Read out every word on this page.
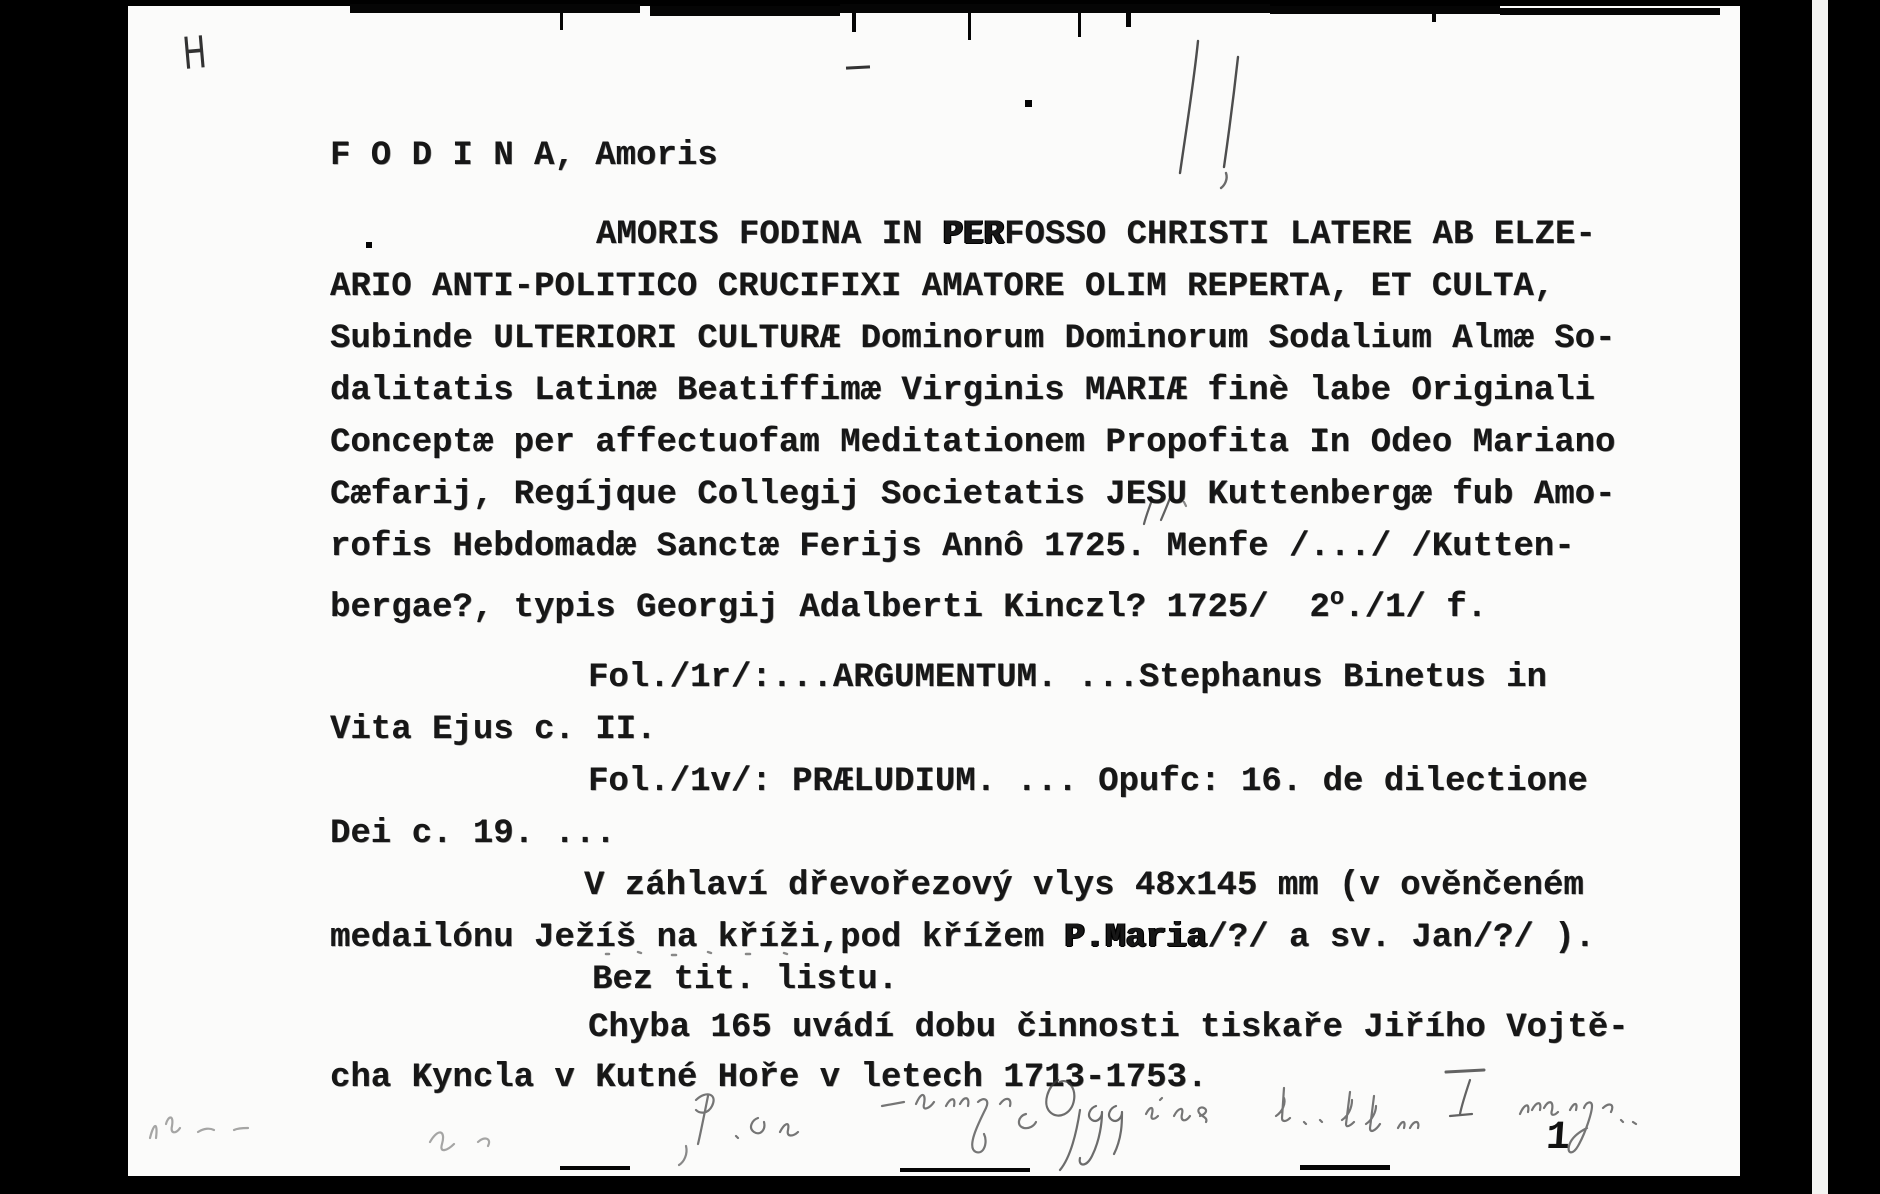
H
F O D I N A, Amoris
AMORIS FODINA IN PERFOSSO CHRISTI LATERE AB ELZE-
ARIO ANTI-POLITICO CRUCIFIXI AMATORE OLIM REPERTA, ET CULTA,
Subinde ULTERIORI CULTURÆ Dominorum Dominorum Sodalium Almæ So-
dalitatis Latinæ Beatiffimæ Virginis MARIÆ finè labe Originali
Conceptæ per affectuofam Meditationem Propofita In Odeo Mariano
Cæfarij, Regíjque Collegij Societatis JESU Kuttenbergæ fub Amo-
rofis Hebdomadæ Sanctæ Ferijs Annô 1725. Menfe /.../ /Kutten-
bergae?, typis Georgij Adalberti Kinczl? 1725/  2$^o$./1/ f.
Fol./1r/:...ARGUMENTUM. ...Stephanus Binetus in
Vita Ejus c. II.
Fol./1v/: PRÆLUDIUM. ... Opufc: 16. de dilectione
Dei c. 19. ...
V záhlaví dřevořezový vlys 48x145 mm (v ověnčeném
medailónu Ježíš na kříži,pod křížem P.Maria/?/ a sv. Jan/?/ ).
Bez tit. listu.
Chyba 165 uvádí dobu činnosti tiskaře Jiřího Vojtě-
cha Kyncla v Kutné Hoře v letech 1713-1753.
1
